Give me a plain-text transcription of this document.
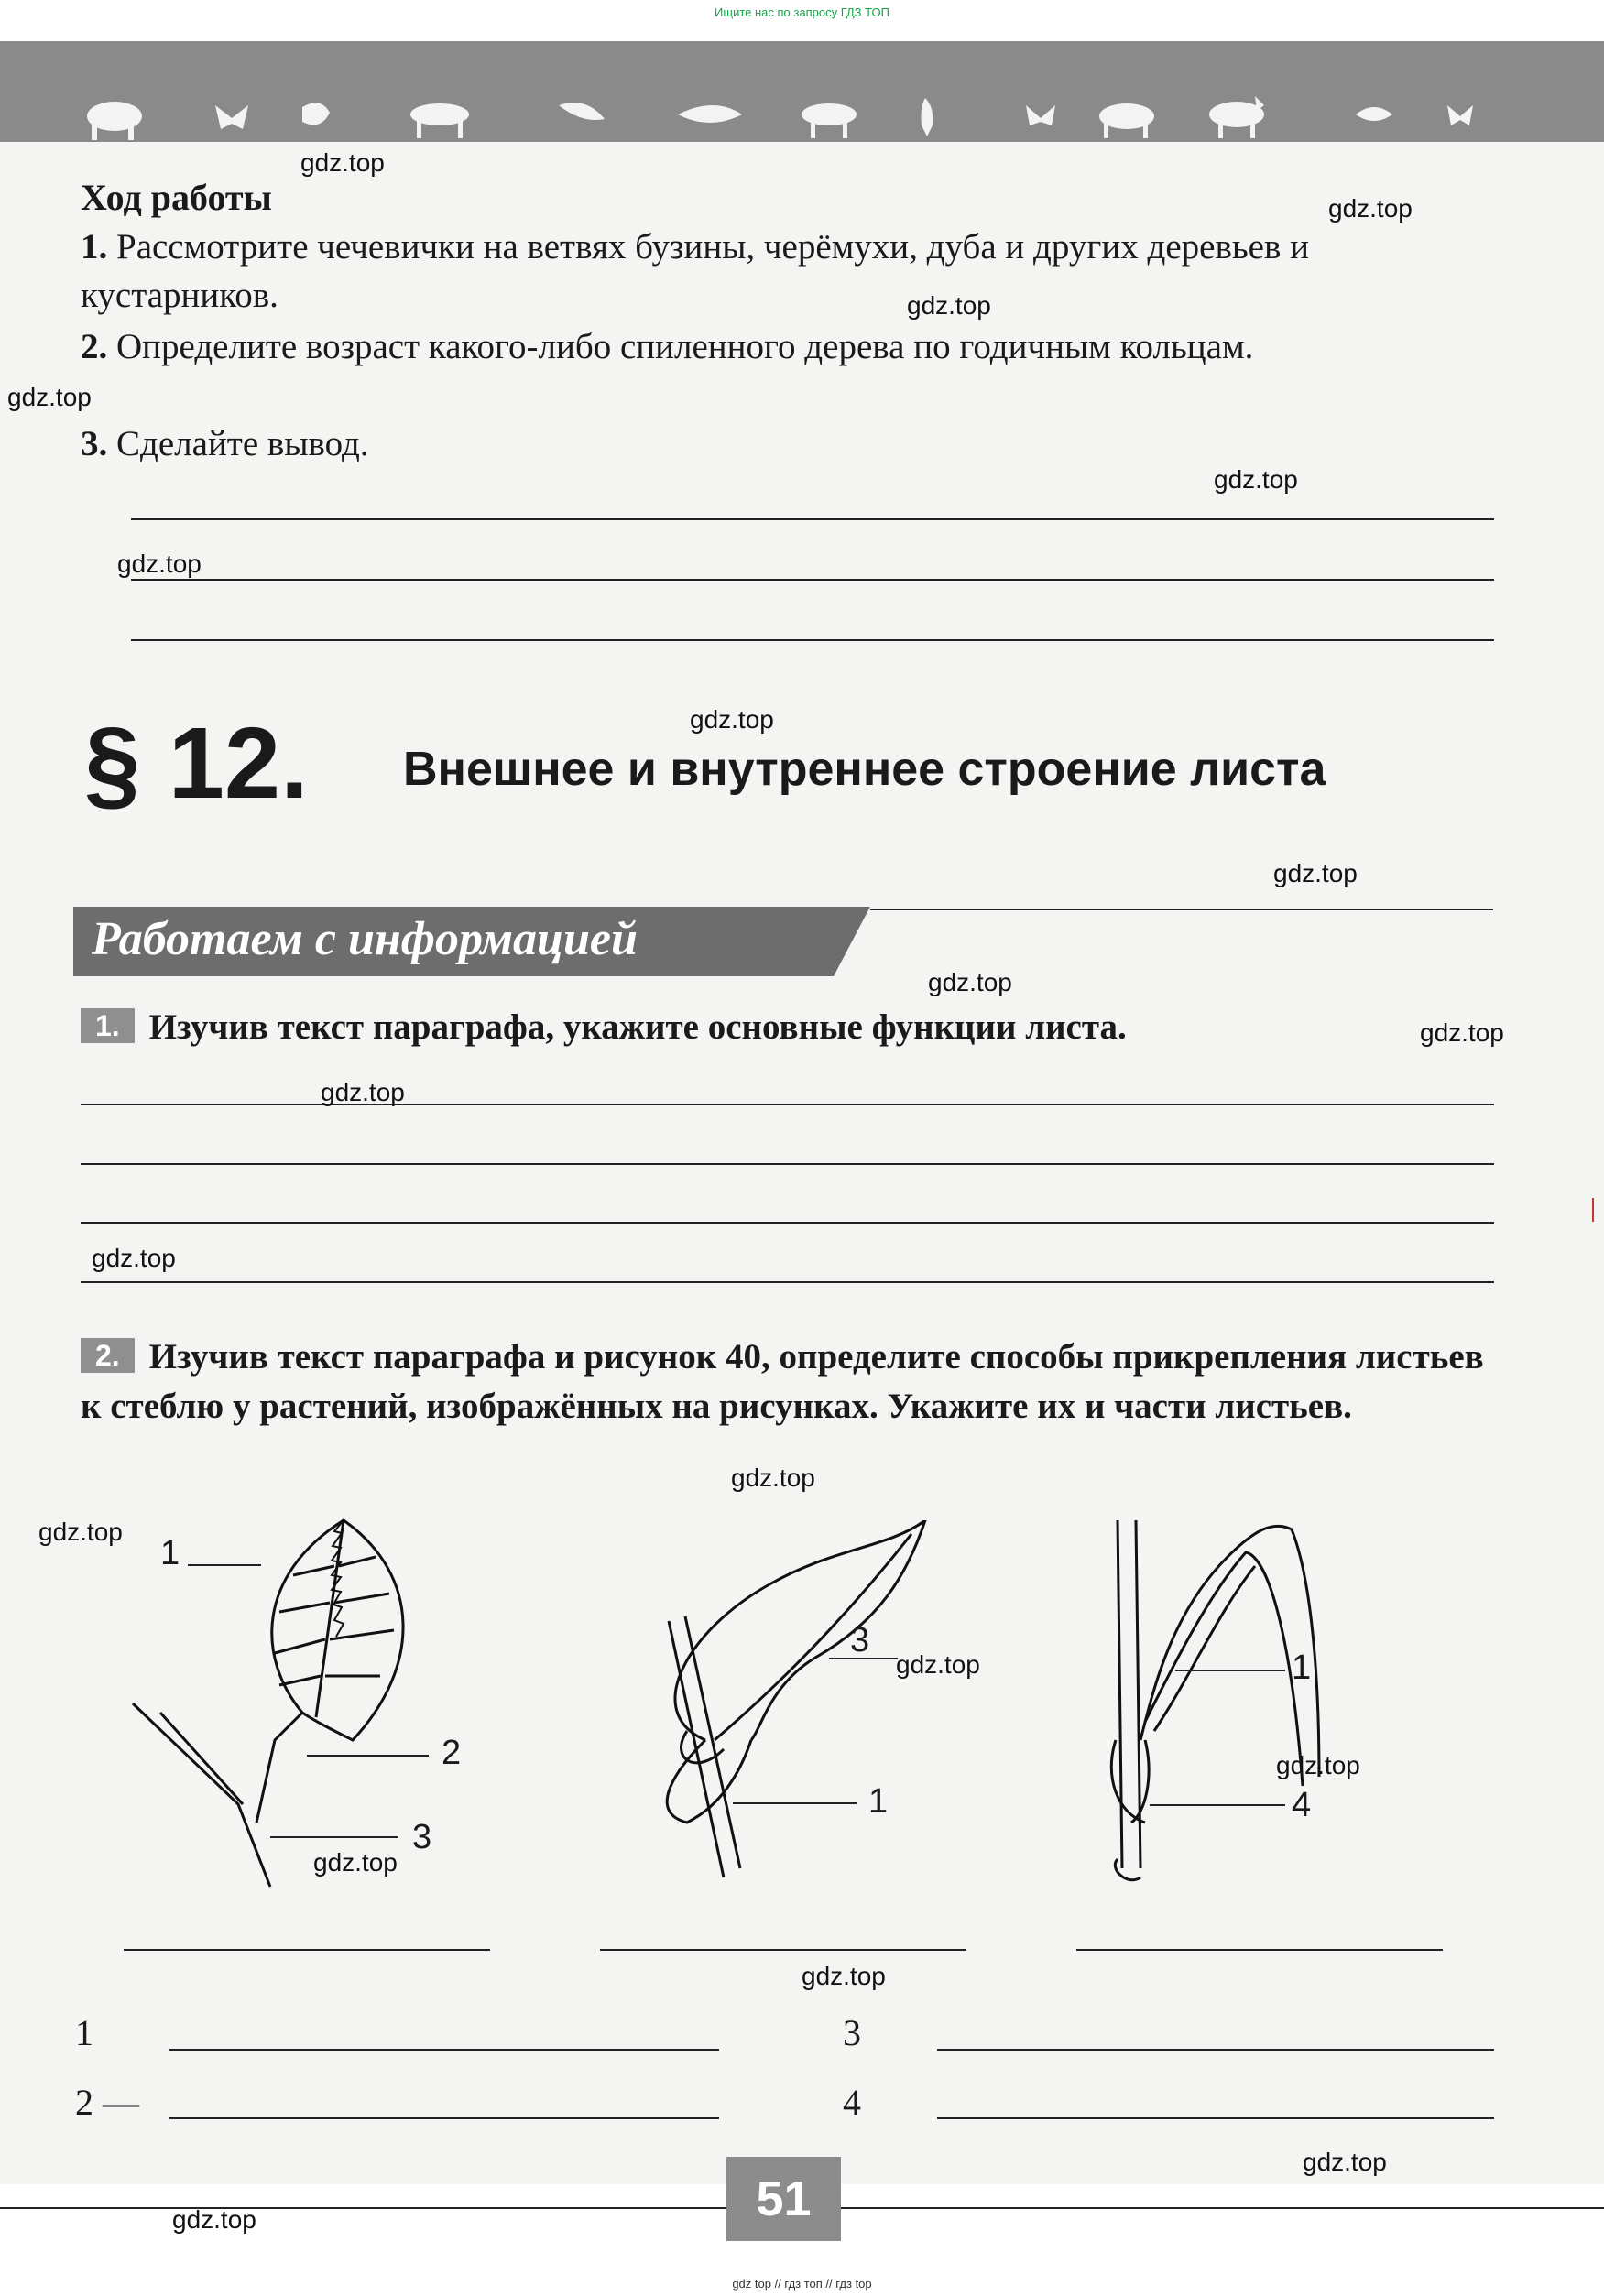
Ищите нас по запросу ГДЗ ТОП
Ход работы
1. Рассмотрите чечевички на ветвях бузины, черёмухи, дуба и других деревьев и кустарников.
2. Определите возраст какого-либо спиленного дерева по годичным кольцам.
3. Сделайте вывод.
§ 12. Внешнее и внутреннее строение листа
Работаем с информацией
1. Изучив текст параграфа, укажите основные функции листа.
2. Изучив текст параграфа и рисунок 40, определите способы прикрепления листьев к стеблю у растений, изображённых на рисунках. Укажите их и части листьев.
1
2
3
3
1
1
4
1	3
2 —	4
51
gdz top // гдз топ // гдз top
gdz.top
gdz.top
gdz.top
gdz.top
gdz.top
gdz.top
gdz.top
gdz.top
gdz.top
gdz.top
gdz.top
gdz.top
gdz.top
gdz.top
gdz.top
gdz.top
gdz.top
gdz.top
gdz.top
gdz.top
